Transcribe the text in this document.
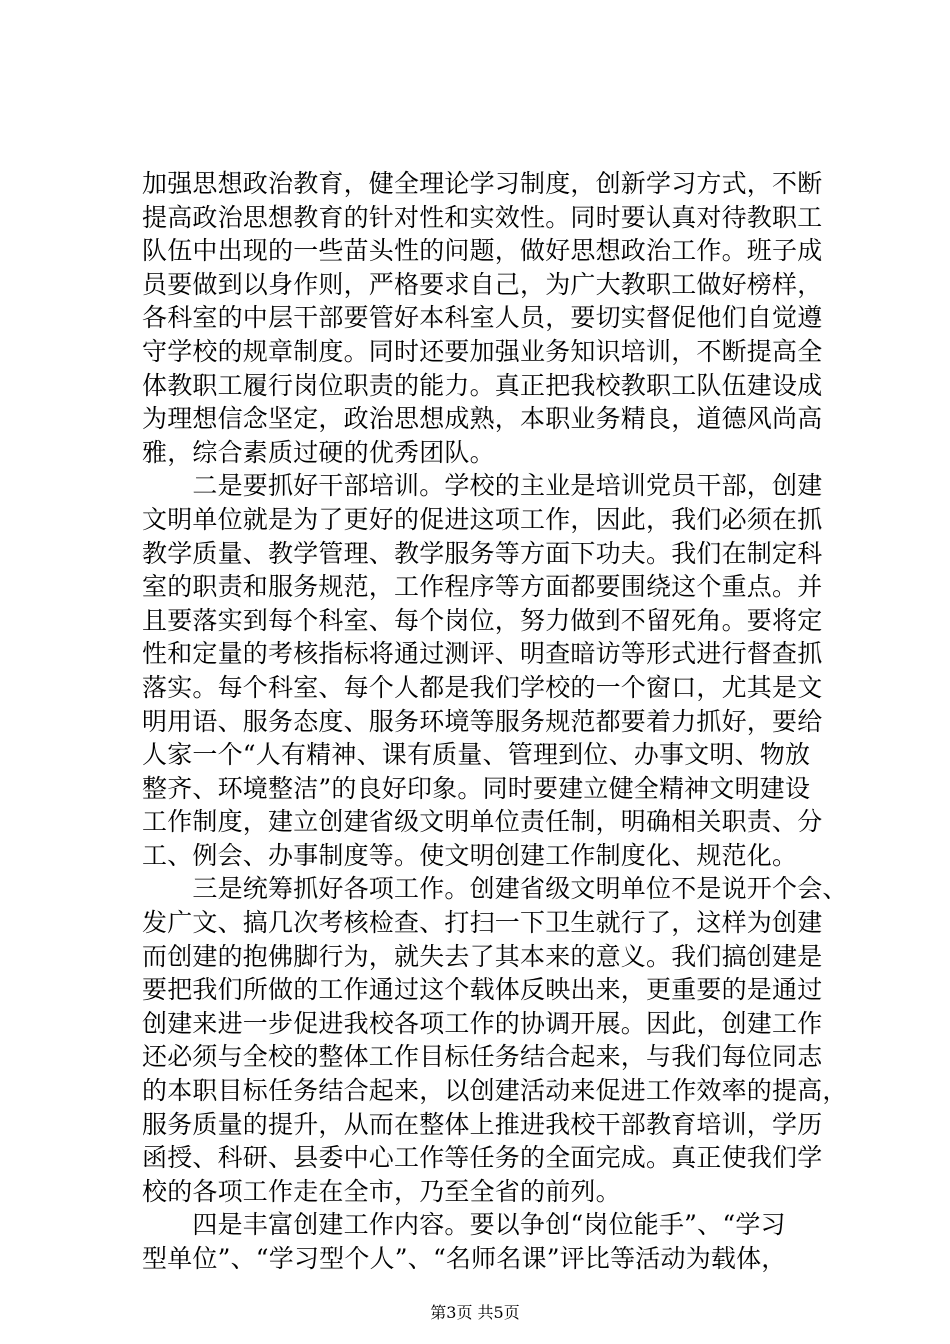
加强思想政治教育，健全理论学习制度，创新学习方式，不断
提高政治思想教育的针对性和实效性。同时要认真对待教职工
队伍中出现的一些苗头性的问题，做好思想政治工作。班子成
员要做到以身作则，严格要求自己，为广大教职工做好榜样，
各科室的中层干部要管好本科室人员，要切实督促他们自觉遵
守学校的规章制度。同时还要加强业务知识培训，不断提高全
体教职工履行岗位职责的能力。真正把我校教职工队伍建设成
为理想信念坚定，政治思想成熟，本职业务精良，道德风尚高
雅，综合素质过硬的优秀团队。
　　二是要抓好干部培训。学校的主业是培训党员干部，创建
文明单位就是为了更好的促进这项工作，因此，我们必须在抓
教学质量、教学管理、教学服务等方面下功夫。我们在制定科
室的职责和服务规范，工作程序等方面都要围绕这个重点。并
且要落实到每个科室、每个岗位，努力做到不留死角。要将定
性和定量的考核指标将通过测评、明查暗访等形式进行督查抓
落实。每个科室、每个人都是我们学校的一个窗口，尤其是文
明用语、服务态度、服务环境等服务规范都要着力抓好，要给
人家一个“人有精神、课有质量、管理到位、办事文明、物放
整齐、环境整洁”的良好印象。同时要建立健全精神文明建设
工作制度，建立创建省级文明单位责任制，明确相关职责、分
工、例会、办事制度等。使文明创建工作制度化、规范化。
　　三是统筹抓好各项工作。创建省级文明单位不是说开个会、
发广文、搞几次考核检查、打扫一下卫生就行了，这样为创建
而创建的抱佛脚行为，就失去了其本来的意义。我们搞创建是
要把我们所做的工作通过这个载体反映出来，更重要的是通过
创建来进一步促进我校各项工作的协调开展。因此，创建工作
还必须与全校的整体工作目标任务结合起来，与我们每位同志
的本职目标任务结合起来，以创建活动来促进工作效率的提高，
服务质量的提升，从而在整体上推进我校干部教育培训，学历
函授、科研、县委中心工作等任务的全面完成。真正使我们学
校的各项工作走在全市，乃至全省的前列。
　　四是丰富创建工作内容。要以争创“岗位能手”、“学习
型单位”、“学习型个人”、“名师名课”评比等活动为载体，
第3页 共5页
